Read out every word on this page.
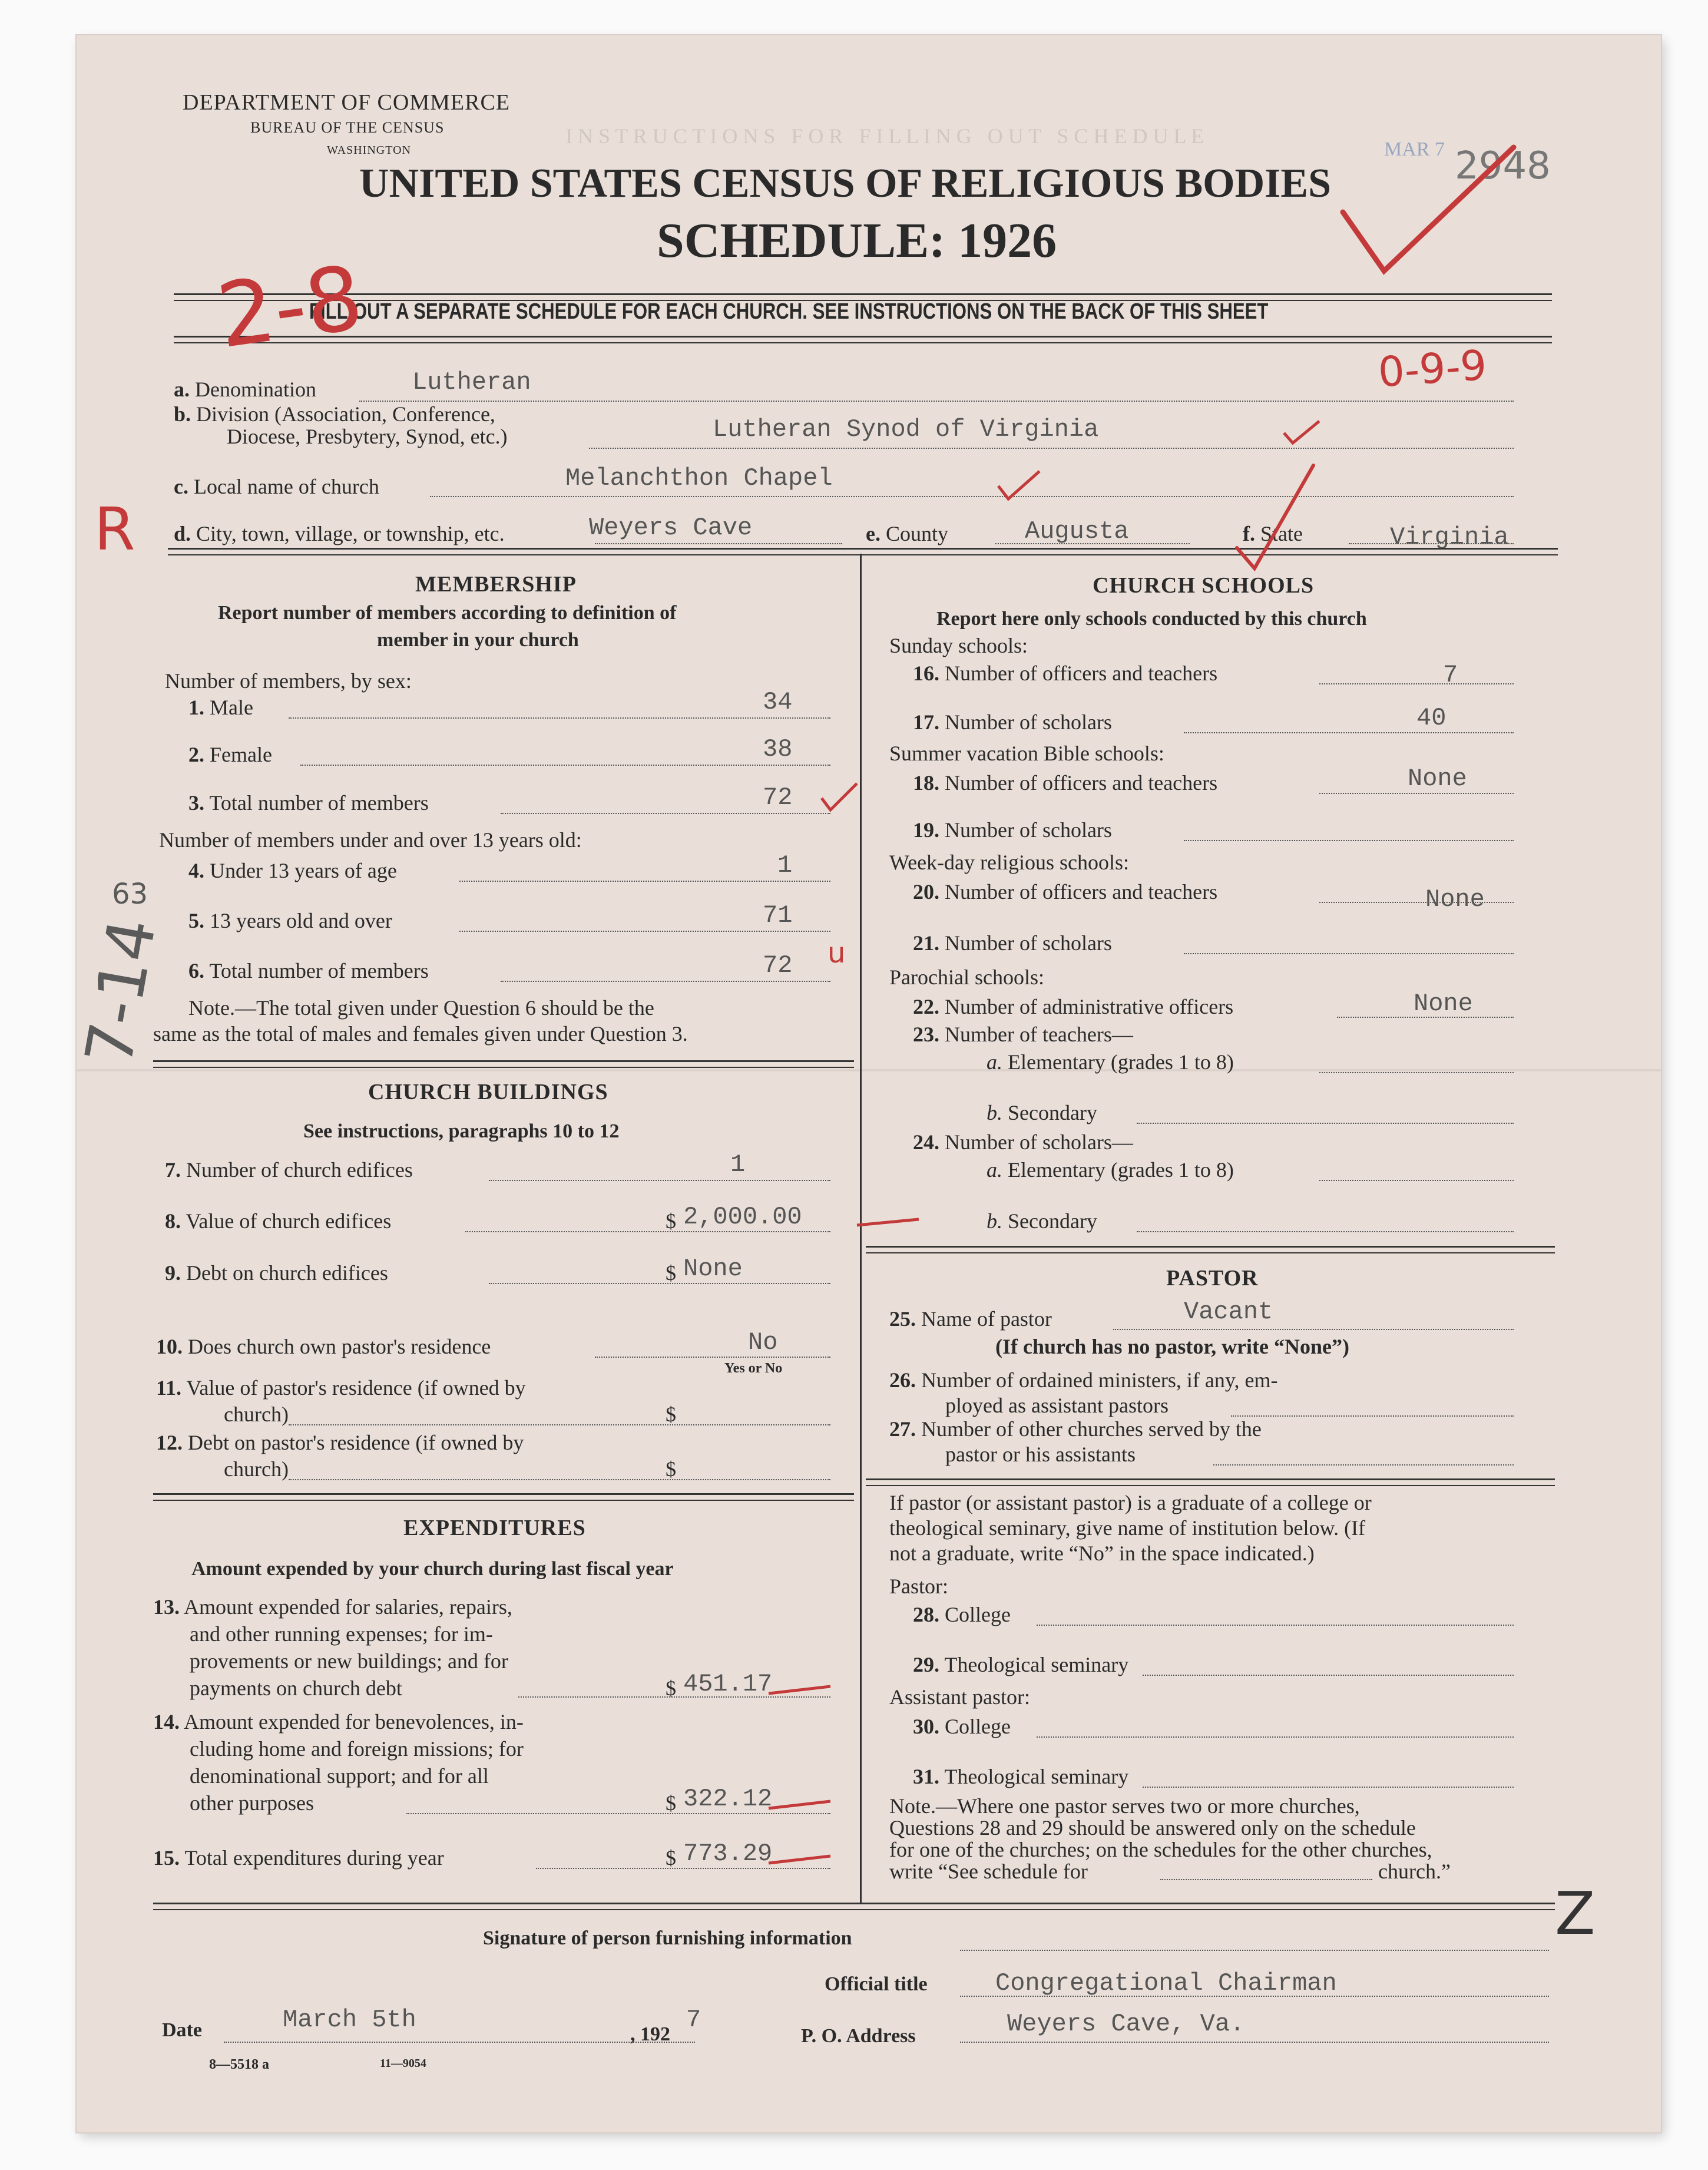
I N S T R U C T I O N S   F O R   F I L L I N G   O U T   S C H E D U L E
DEPARTMENT OF COMMERCE
BUREAU OF THE CENSUS
WASHINGTON
UNITED STATES CENSUS OF RELIGIOUS BODIES
SCHEDULE: 1926
MAR 7 2948
FILL OUT A SEPARATE SCHEDULE FOR EACH CHURCH. SEE INSTRUCTIONS ON THE BACK OF THIS SHEET
a. Denomination	Lutheran
b. Division (Association, Conference,
Diocese, Presbytery, Synod, etc.)	Lutheran Synod of Virginia
c. Local name of church	Melanchthon Chapel
d. City, town, village, or township, etc.	Weyers Cave	e. County	Augusta	f. State	Virginia
MEMBERSHIP
Report number of members according to definition of
member in your church
Number of members, by sex:
1. Male	34
2. Female	38
3. Total number of members	72
Number of members under and over 13 years old:
4. Under 13 years of age	1
5. 13 years old and over	71
6. Total number of members	72
Note.—The total given under Question 6 should be the
same as the total of males and females given under Question 3.
CHURCH BUILDINGS
See instructions, paragraphs 10 to 12
7. Number of church edifices	1
8. Value of church edifices	$ 2,000.00
9. Debt on church edifices	$ None
10. Does church own pastor's residence	No
Yes or No
11. Value of pastor's residence (if owned by
church)	$
12. Debt on pastor's residence (if owned by
church)	$
EXPENDITURES
Amount expended by your church during last fiscal year
13. Amount expended for salaries, repairs,
and other running expenses; for im-
provements or new buildings; and for
payments on church debt	$ 451.17
14. Amount expended for benevolences, in-
cluding home and foreign missions; for
denominational support; and for all
other purposes	$ 322.12
15. Total expenditures during year	$ 773.29
CHURCH SCHOOLS
Report here only schools conducted by this church
Sunday schools:
16. Number of officers and teachers	7
17. Number of scholars	40
Summer vacation Bible schools:
18. Number of officers and teachers	None
19. Number of scholars
Week-day religious schools:
20. Number of officers and teachers	None
21. Number of scholars
Parochial schools:
22. Number of administrative officers	None
23. Number of teachers—
a. Elementary (grades 1 to 8)
b. Secondary
24. Number of scholars—
a. Elementary (grades 1 to 8)
b. Secondary
PASTOR
25. Name of pastor	Vacant
(If church has no pastor, write “None”)
26. Number of ordained ministers, if any, em-
ployed as assistant pastors
27. Number of other churches served by the
pastor or his assistants
If pastor (or assistant pastor) is a graduate of a college or
theological seminary, give name of institution below. (If
not a graduate, write “No” in the space indicated.)
Pastor:
28. College
29. Theological seminary
Assistant pastor:
30. College
31. Theological seminary
Note.—Where one pastor serves two or more churches,
Questions 28 and 29 should be answered only on the schedule
for one of the churches; on the schedules for the other churches,
write “See schedule for	church.”
Signature of person furnishing information
Official title	Congregational Chairman
Date	March 5th
, 192
7
P. O. Address	Weyers Cave, Va.
8—5518 a	11—9054
2-8
0-9-9
R
7-14
63
u
Z
